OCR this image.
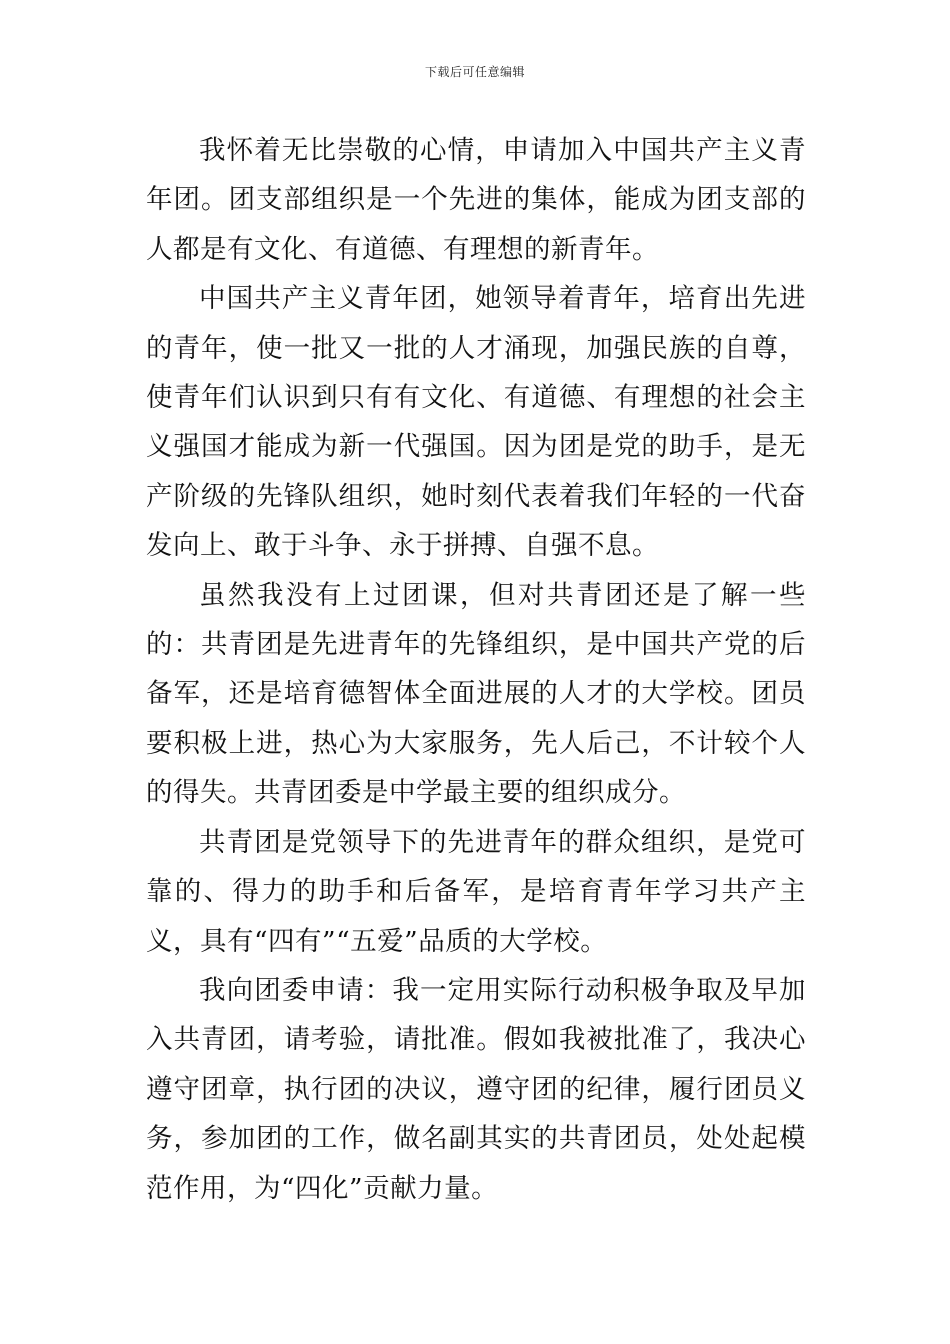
下载后可任意编辑

我怀着无比崇敬的心情，申请加入中国共产主义青年团。团支部组织是一个先进的集体，能成为团支部的人都是有文化、有道德、有理想的新青年。

中国共产主义青年团，她领导着青年，培育出先进的青年，使一批又一批的人才涌现，加强民族的自尊，使青年们认识到只有有文化、有道德、有理想的社会主义强国才能成为新一代强国。因为团是党的助手，是无产阶级的先锋队组织，她时刻代表着我们年轻的一代奋发向上、敢于斗争、永于拼搏、自强不息。

虽然我没有上过团课，但对共青团还是了解一些的：共青团是先进青年的先锋组织，是中国共产党的后备军，还是培育德智体全面进展的人才的大学校。团员要积极上进，热心为大家服务，先人后己，不计较个人的得失。共青团委是中学最主要的组织成分。

共青团是党领导下的先进青年的群众组织，是党可靠的、得力的助手和后备军，是培育青年学习共产主义，具有“四有”“五爱”品质的大学校。

我向团委申请：我一定用实际行动积极争取及早加入共青团，请考验，请批准。假如我被批准了，我决心遵守团章，执行团的决议，遵守团的纪律，履行团员义务，参加团的工作，做名副其实的共青团员，处处起模范作用，为“四化”贡献力量。
